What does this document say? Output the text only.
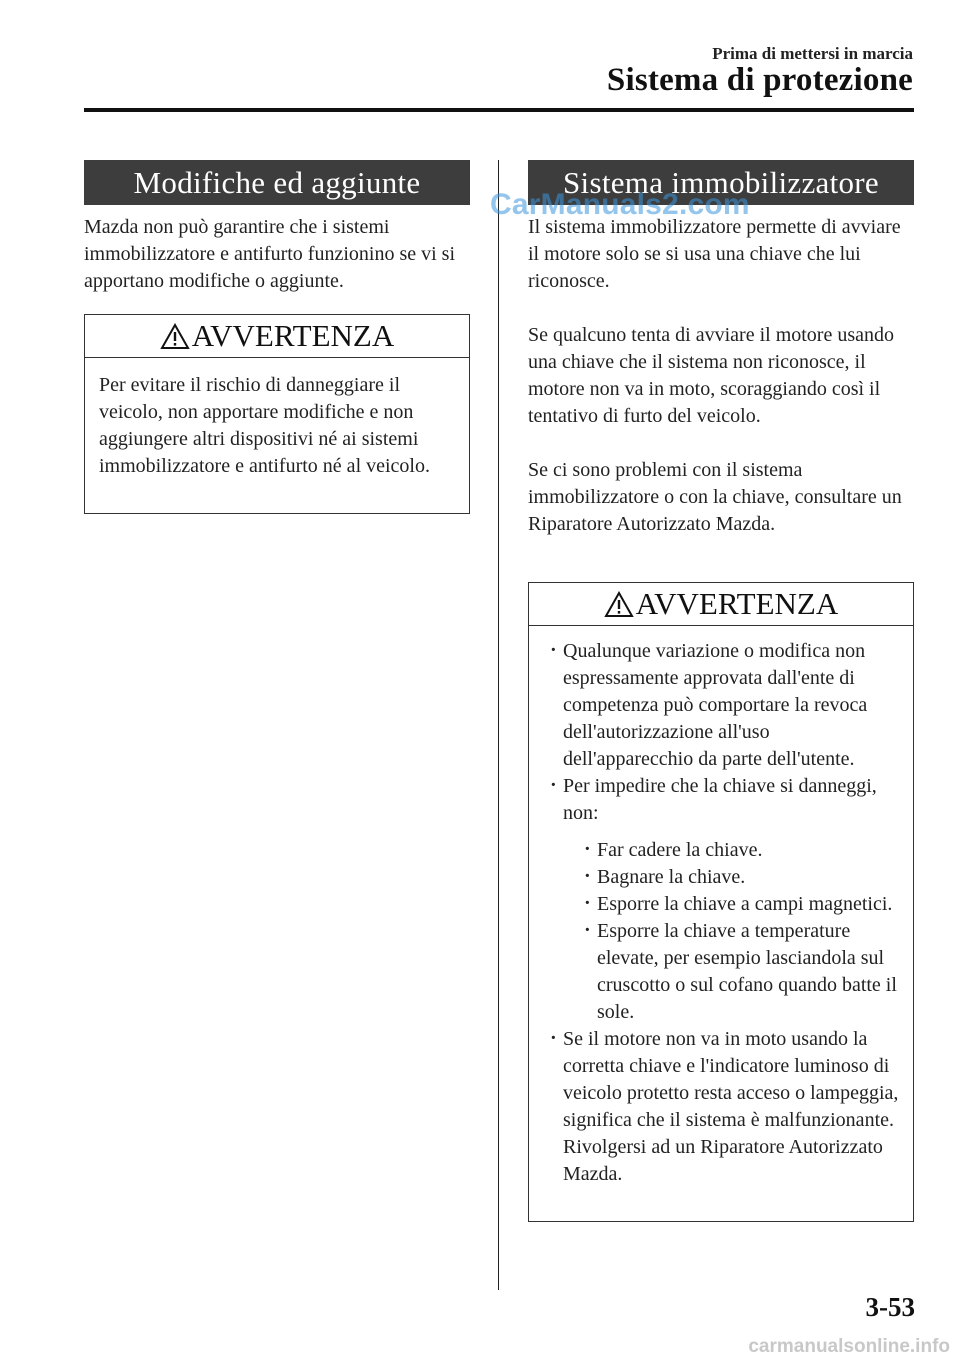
Prima di mettersi in marcia
Sistema di protezione
Modifiche ed aggiunte
Mazda non può garantire che i sistemi immobilizzatore e antifurto funzionino se vi si apportano modifiche o aggiunte.
AVVERTENZA
Per evitare il rischio di danneggiare il veicolo, non apportare modifiche e non aggiungere altri dispositivi né ai sistemi immobilizzatore e antifurto né al veicolo.
Sistema immobilizzatore
CarManuals2.com
Il sistema immobilizzatore permette di avviare il motore solo se si usa una chiave che lui riconosce.
Se qualcuno tenta di avviare il motore usando una chiave che il sistema non riconosce, il motore non va in moto, scoraggiando così il tentativo di furto del veicolo.
Se ci sono problemi con il sistema immobilizzatore o con la chiave, consultare un Riparatore Autorizzato Mazda.
AVVERTENZA
· Qualunque variazione o modifica non espressamente approvata dall'ente di competenza può comportare la revoca dell'autorizzazione all'uso dell'apparecchio da parte dell'utente.
· Per impedire che la chiave si danneggi, non:
· Far cadere la chiave.
· Bagnare la chiave.
· Esporre la chiave a campi magnetici.
· Esporre la chiave a temperature elevate, per esempio lasciandola sul cruscotto o sul cofano quando batte il sole.
· Se il motore non va in moto usando la corretta chiave e l'indicatore luminoso di veicolo protetto resta acceso o lampeggia, significa che il sistema è malfunzionante. Rivolgersi ad un Riparatore Autorizzato Mazda.
3-53
carmanualsonline.info
